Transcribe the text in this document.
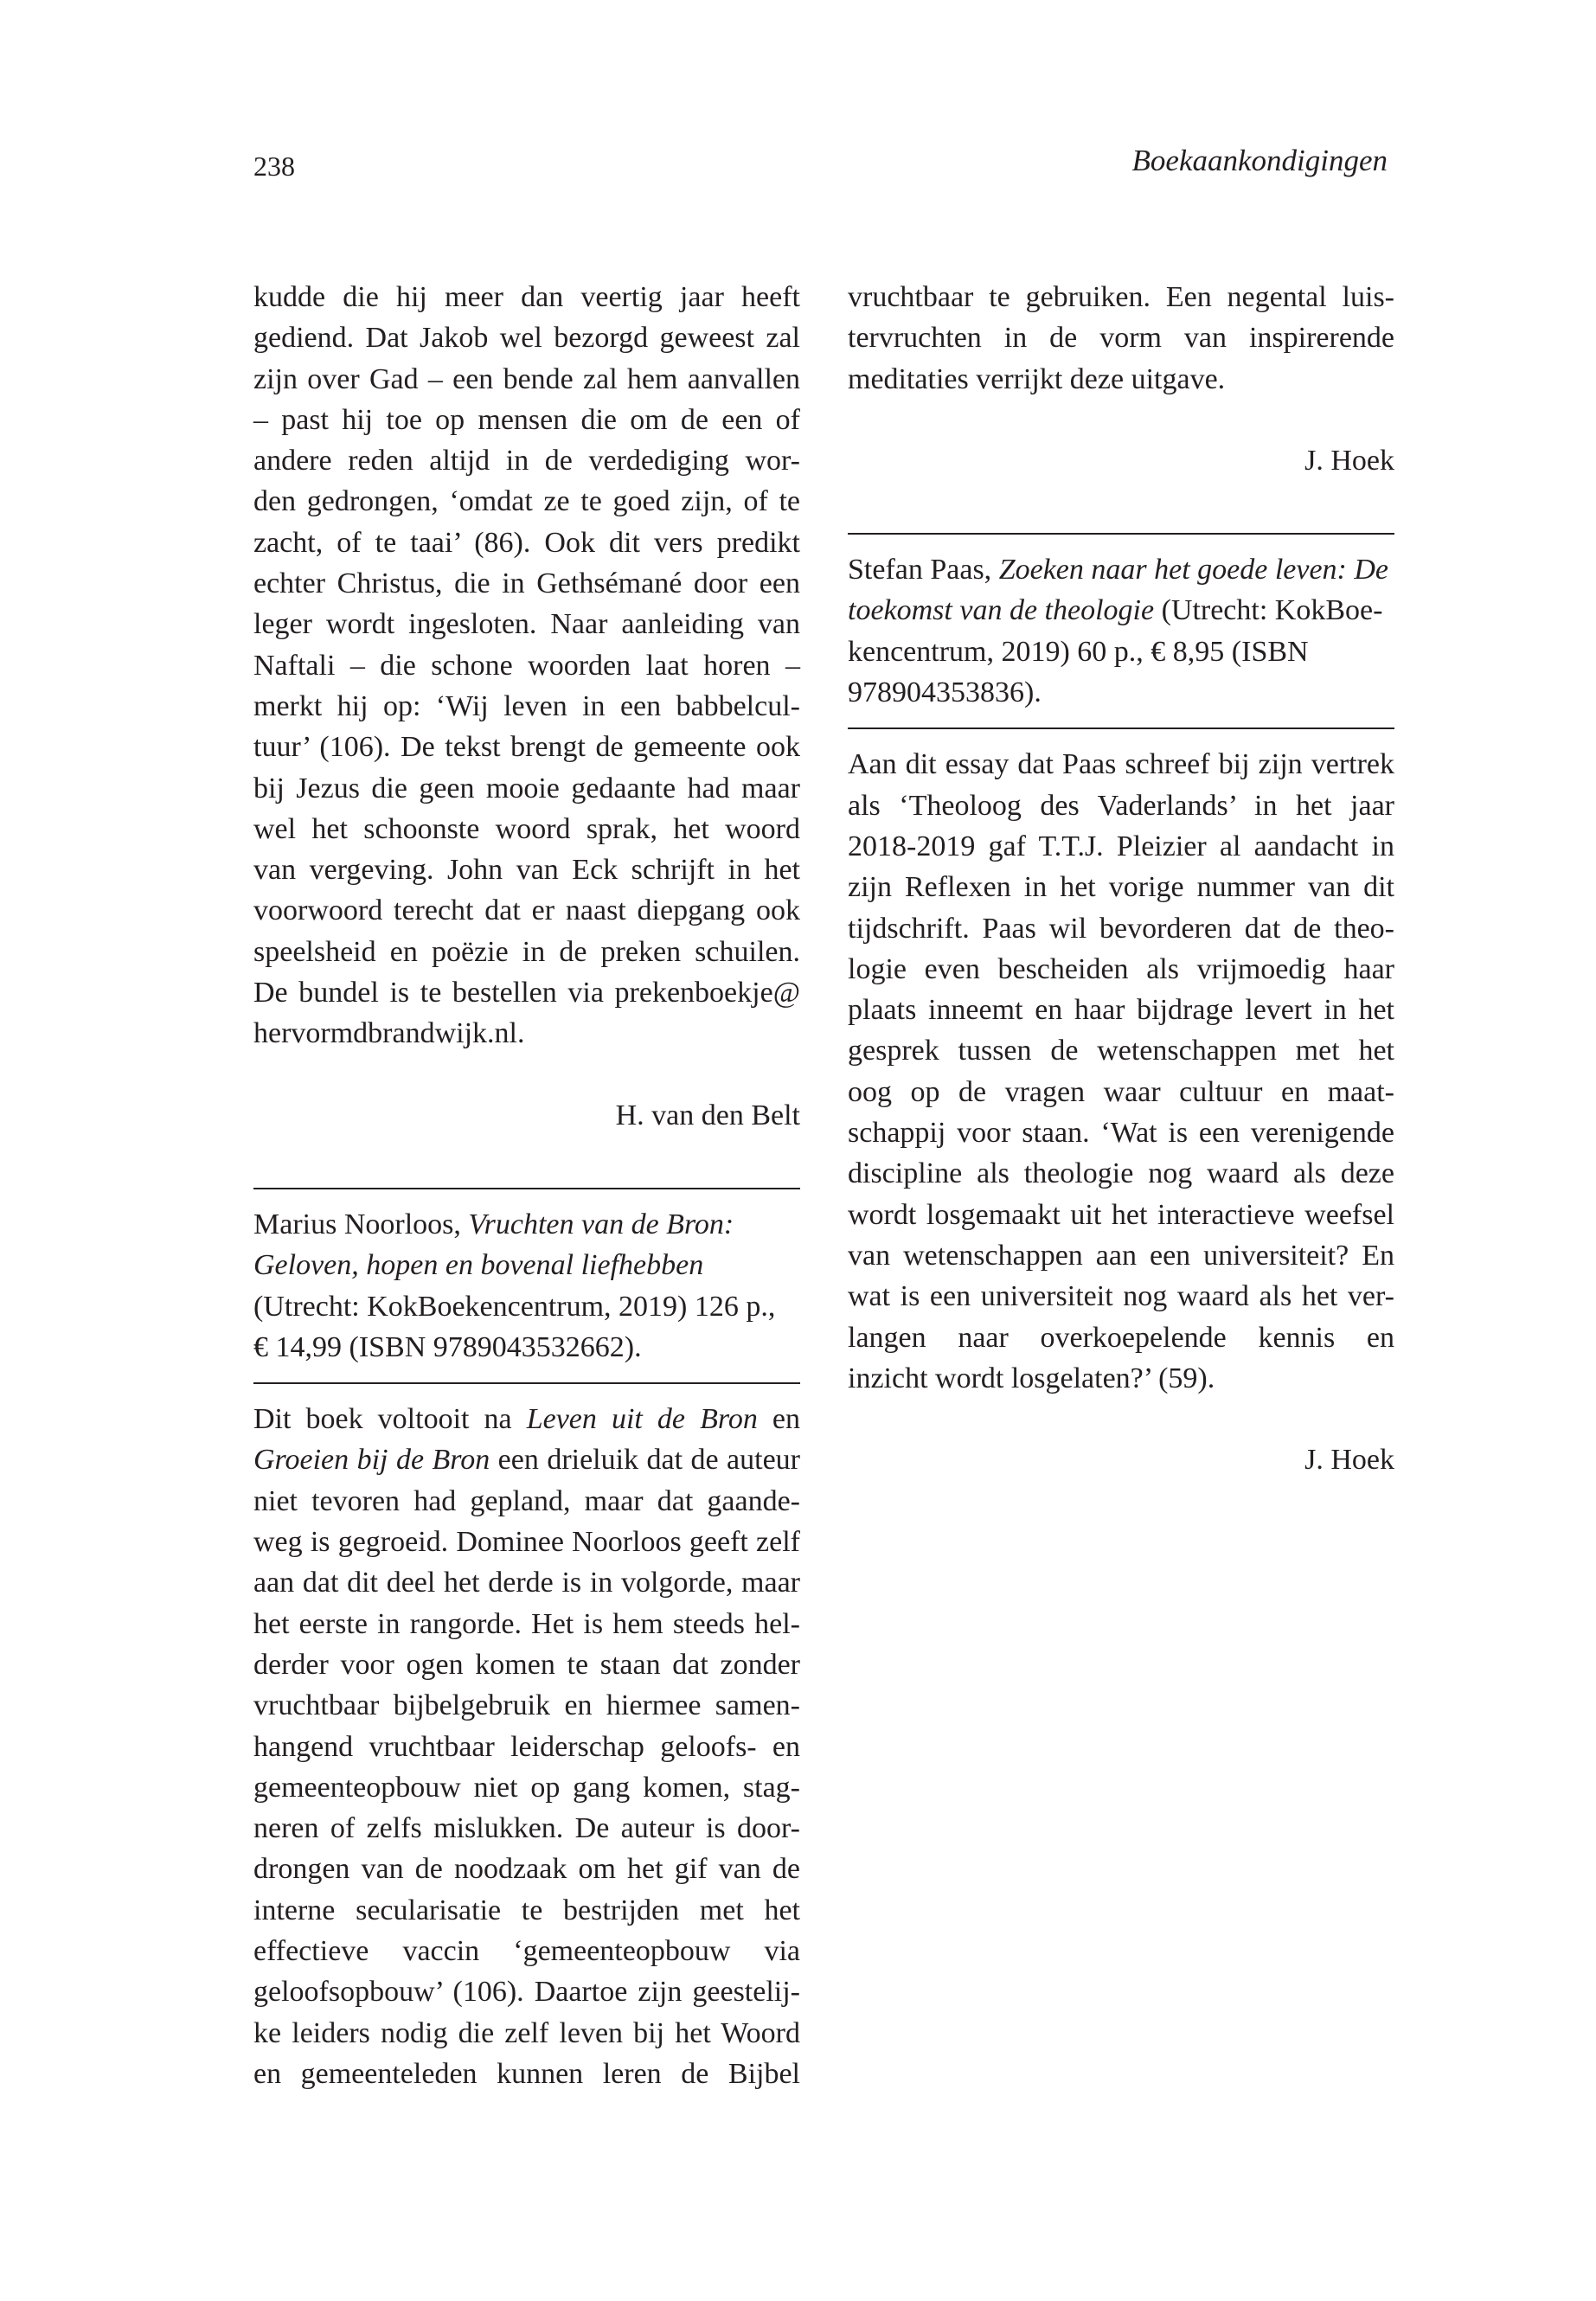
238	Boekaankondigingen
kudde die hij meer dan veertig jaar heeft
gediend. Dat Jakob wel bezorgd geweest zal
zijn over Gad – een bende zal hem aanvallen
– past hij toe op mensen die om de een of
andere reden altijd in de verdediging wor-
den gedrongen, ‘omdat ze te goed zijn, of te
zacht, of te taai’ (86). Ook dit vers predikt
echter Christus, die in Gethsémané door een
leger wordt ingesloten. Naar aanleiding van
Naftali – die schone woorden laat horen –
merkt hij op: ‘Wij leven in een babbelcul-
tuur’ (106). De tekst brengt de gemeente ook
bij Jezus die geen mooie gedaante had maar
wel het schoonste woord sprak, het woord
van vergeving. John van Eck schrijft in het
voorwoord terecht dat er naast diepgang ook
speelsheid en poëzie in de preken schuilen.
De bundel is te bestellen via prekenboekje@
hervormdbrandwijk.nl.
H. van den Belt
Marius Noorloos, Vruchten van de Bron:
Geloven, hopen en bovenal liefhebben
(Utrecht: KokBoekencentrum, 2019) 126 p.,
€ 14,99 (ISBN 9789043532662).
Dit boek voltooit na Leven uit de Bron en
Groeien bij de Bron een drieluik dat de auteur
niet tevoren had gepland, maar dat gaande-
weg is gegroeid. Dominee Noorloos geeft zelf
aan dat dit deel het derde is in volgorde, maar
het eerste in rangorde. Het is hem steeds hel-
derder voor ogen komen te staan dat zonder
vruchtbaar bijbelgebruik en hiermee samen-
hangend vruchtbaar leiderschap geloofs- en
gemeenteopbouw niet op gang komen, stag-
neren of zelfs mislukken. De auteur is door-
drongen van de noodzaak om het gif van de
interne secularisatie te bestrijden met het
effectieve vaccin ‘gemeenteopbouw via
geloofsopbouw’ (106). Daartoe zijn geestelij-
ke leiders nodig die zelf leven bij het Woord
en gemeenteleden kunnen leren de Bijbel
vruchtbaar te gebruiken. Een negental luis-
tervruchten in de vorm van inspirerende
meditaties verrijkt deze uitgave.
J. Hoek
Stefan Paas, Zoeken naar het goede leven: De
toekomst van de theologie (Utrecht: KokBoe-
kencentrum, 2019) 60 p., € 8,95 (ISBN
978904353836).
Aan dit essay dat Paas schreef bij zijn vertrek
als ‘Theoloog des Vaderlands’ in het jaar
2018-2019 gaf T.T.J. Pleizier al aandacht in
zijn Reflexen in het vorige nummer van dit
tijdschrift. Paas wil bevorderen dat de theo-
logie even bescheiden als vrijmoedig haar
plaats inneemt en haar bijdrage levert in het
gesprek tussen de wetenschappen met het
oog op de vragen waar cultuur en maat-
schappij voor staan. ‘Wat is een verenigende
discipline als theologie nog waard als deze
wordt losgemaakt uit het interactieve weefsel
van wetenschappen aan een universiteit? En
wat is een universiteit nog waard als het ver-
langen naar overkoepelende kennis en
inzicht wordt losgelaten?’ (59).
J. Hoek
